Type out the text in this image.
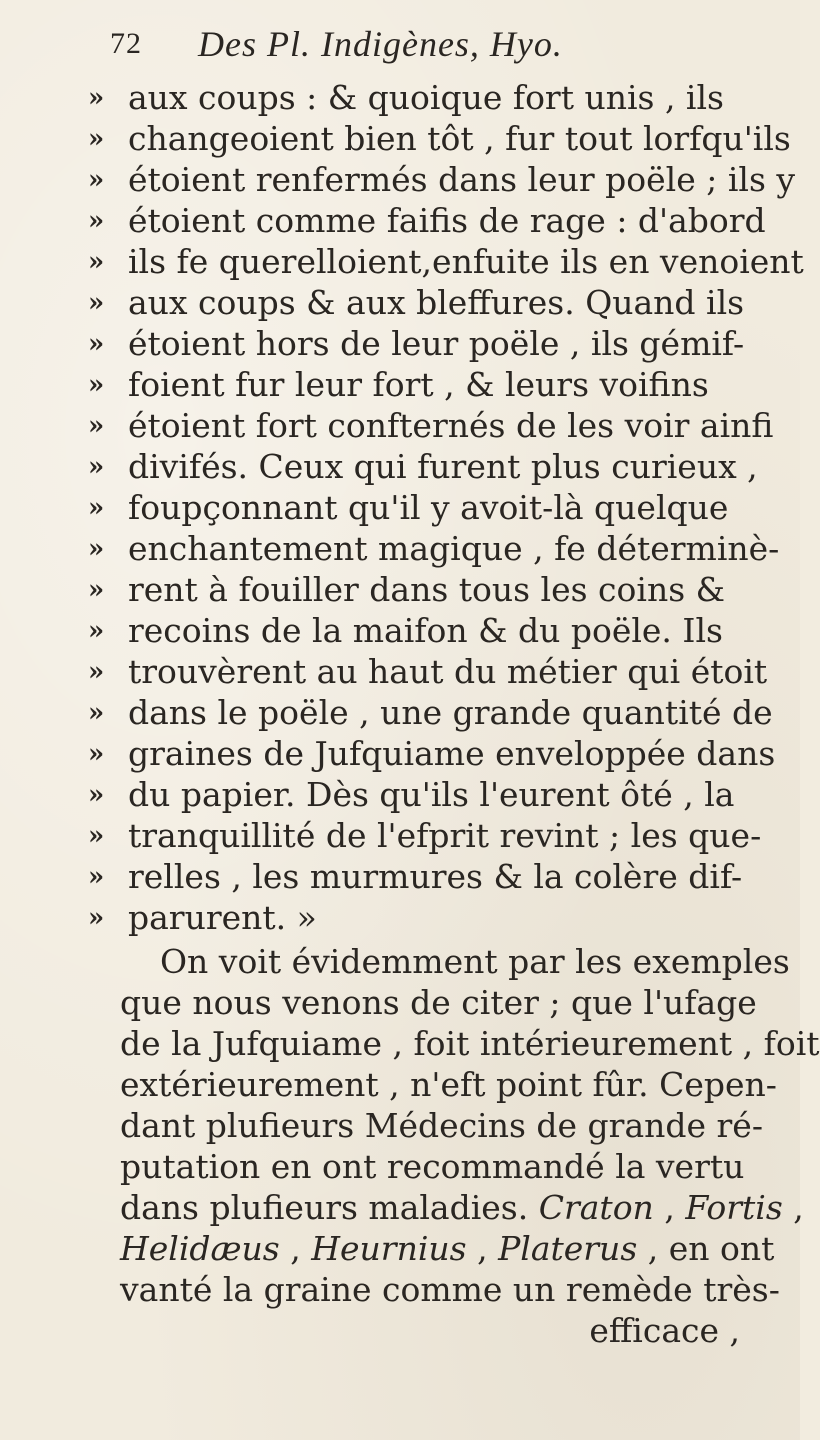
72 Des Pl. Indigènes, Hyo.
» aux coups : & quoique fort unis , ils
» changeoient bien tôt , fur tout lorfqu'ils
» étoient renfermés dans leur poële ; ils y
» étoient comme faifis de rage : d'abord
» ils fe querelloient,enfuite ils en venoient
» aux coups & aux bleffures. Quand ils
» étoient hors de leur poële , ils gémif-
» foient fur leur fort , & leurs voifins
» étoient fort confternés de les voir ainfi
» divifés. Ceux qui furent plus curieux ,
» foupçonnant qu'il y avoit-là quelque
» enchantement magique , fe déterminè-
» rent à fouiller dans tous les coins &
» recoins de la maifon & du poële. Ils
» trouvèrent au haut du métier qui étoit
» dans le poële , une grande quantité de
» graines de Jufquiame enveloppée dans
» du papier. Dès qu'ils l'eurent ôté , la
» tranquillité de l'efprit revint ; les que-
» relles , les murmures & la colère dif-
» parurent. »
On voit évidemment par les exemples
que nous venons de citer ; que l'ufage
de la Jufquiame , foit intérieurement , foit
extérieurement , n'eft point fûr. Cepen-
dant plufieurs Médecins de grande ré-
putation en ont recommandé la vertu
dans plufieurs maladies. Craton , Fortis ,
Helidæus , Heurnius , Platerus , en ont
vanté la graine comme un remède très-
efficace ,
